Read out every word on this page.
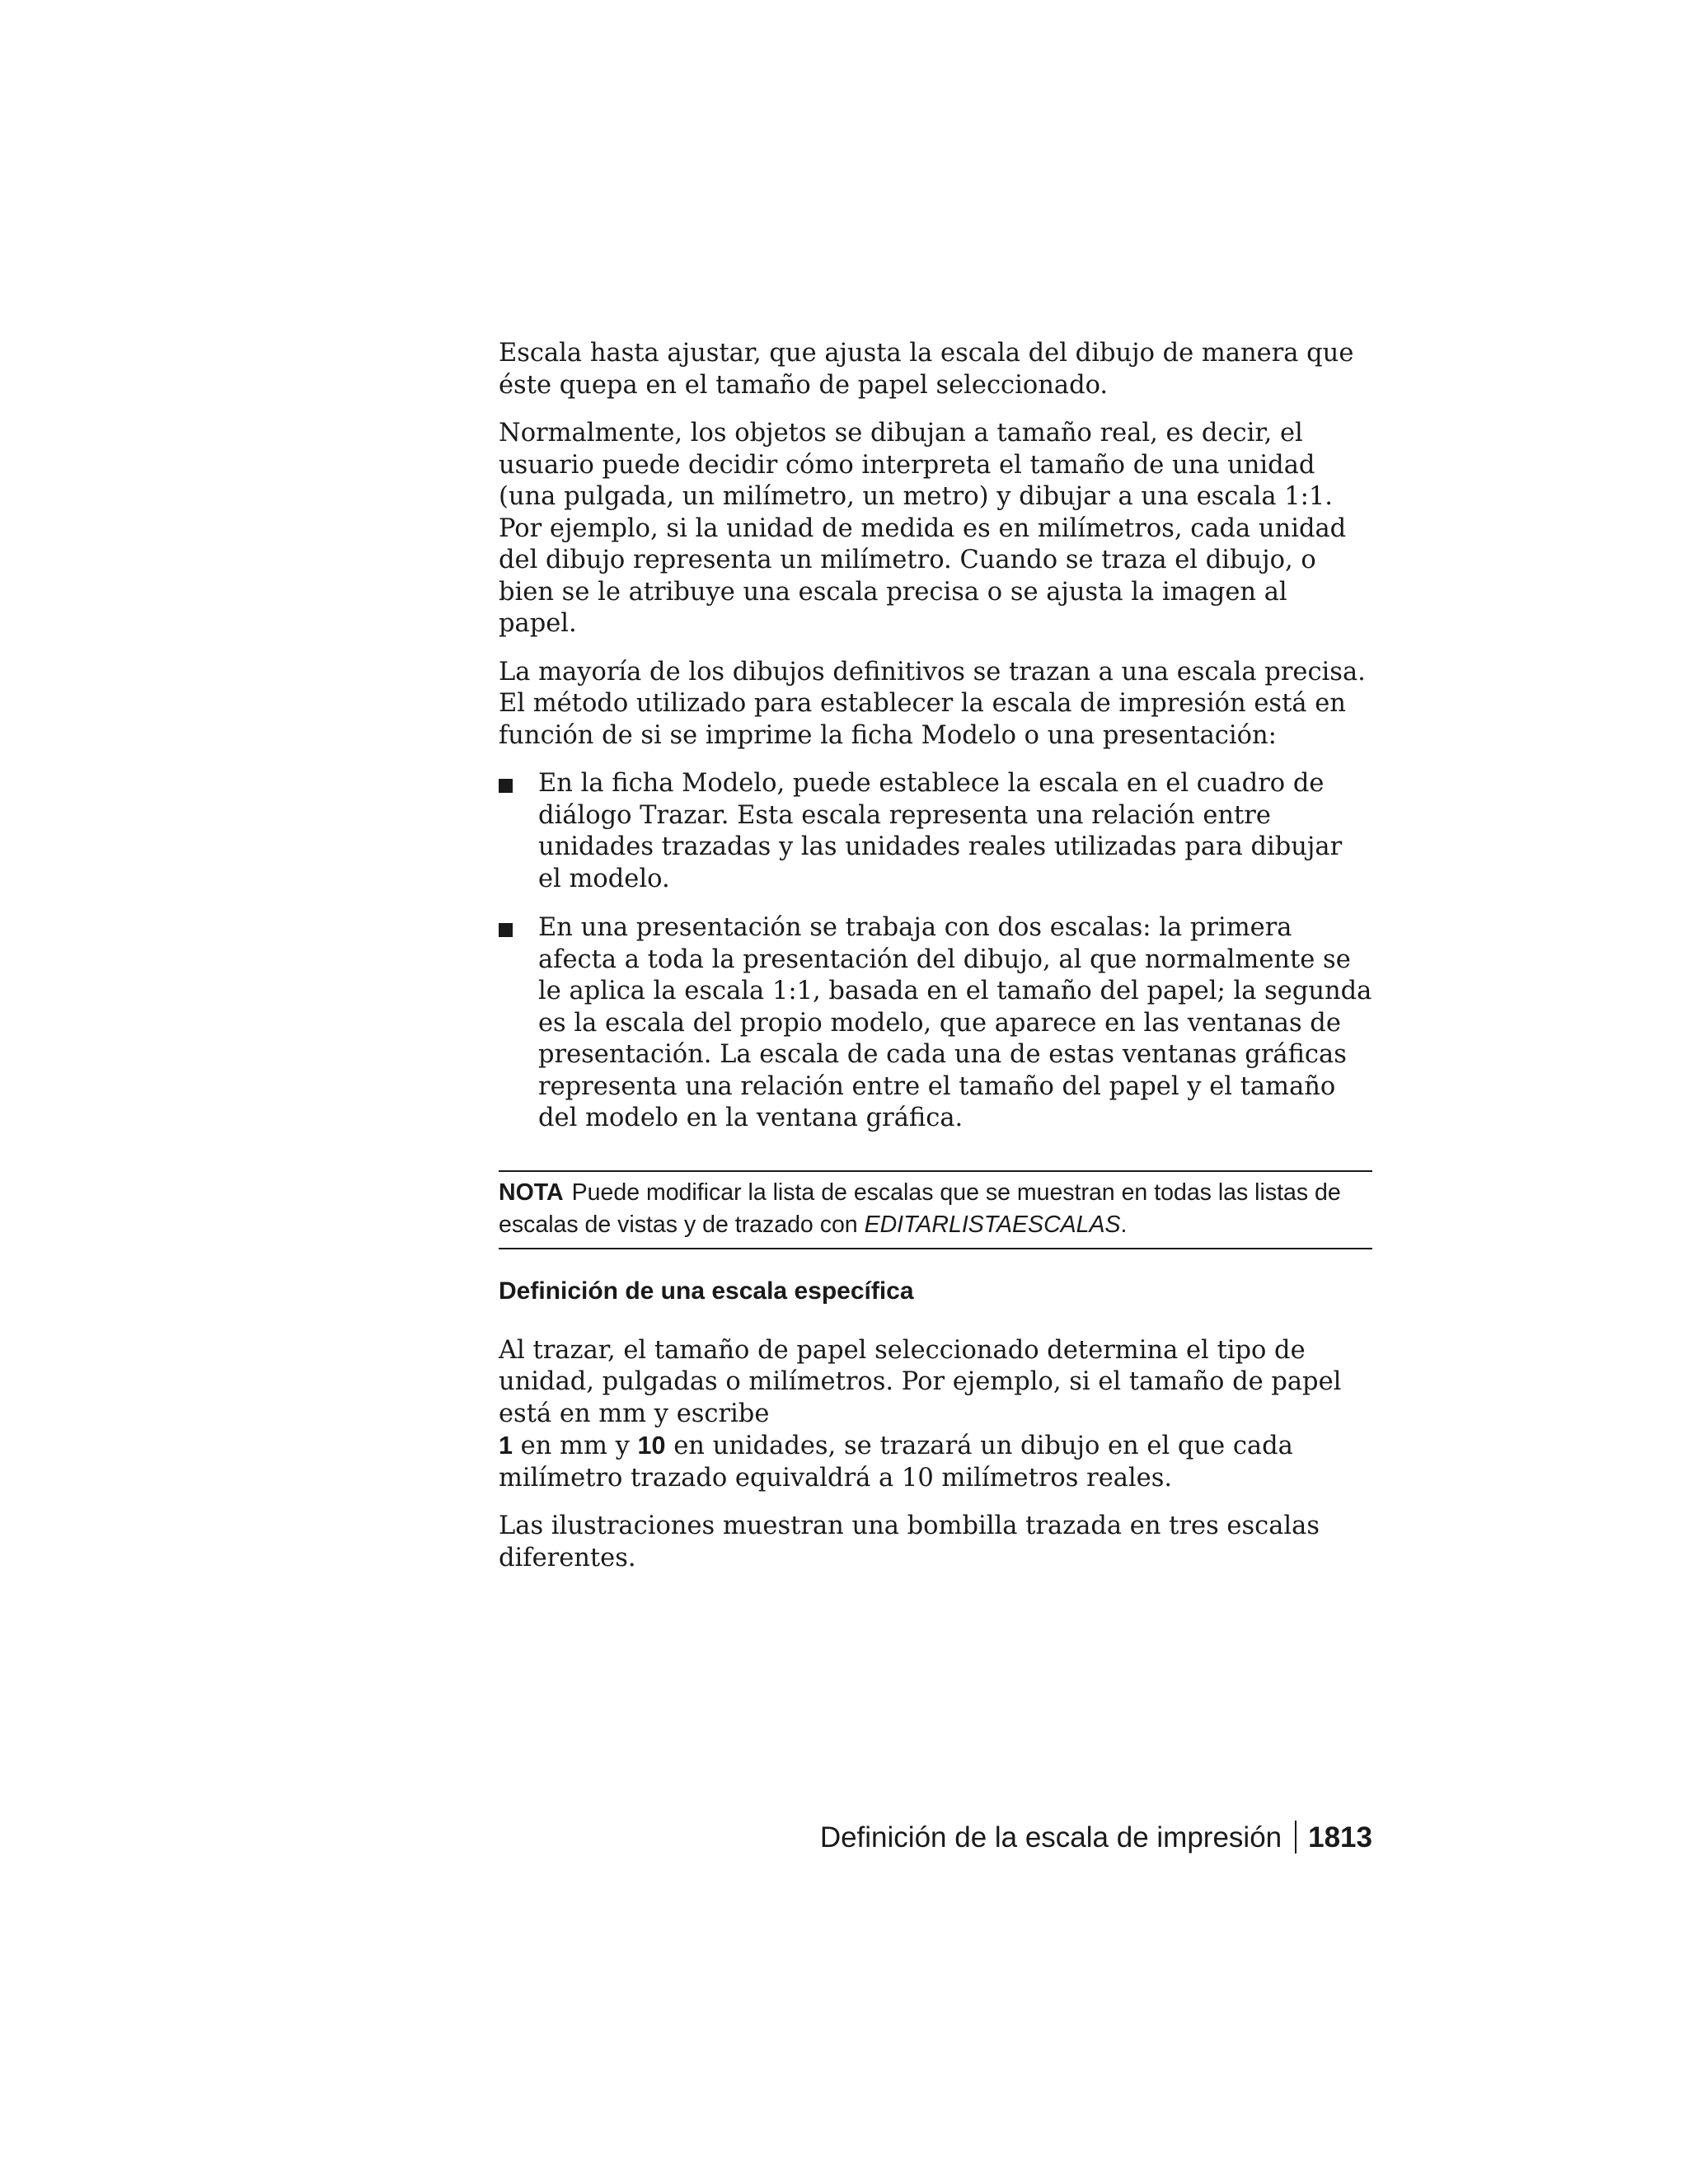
Escala hasta ajustar, que ajusta la escala del dibujo de manera que éste quepa en el tamaño de papel seleccionado.

Normalmente, los objetos se dibujan a tamaño real, es decir, el usuario puede decidir cómo interpreta el tamaño de una unidad (una pulgada, un milímetro, un metro) y dibujar a una escala 1:1. Por ejemplo, si la unidad de medida es en milímetros, cada unidad del dibujo representa un milímetro. Cuando se traza el dibujo, o bien se le atribuye una escala precisa o se ajusta la imagen al papel.

La mayoría de los dibujos definitivos se trazan a una escala precisa. El método utilizado para establecer la escala de impresión está en función de si se imprime la ficha Modelo o una presentación:

En la ficha Modelo, puede establece la escala en el cuadro de diálogo Trazar. Esta escala representa una relación entre unidades trazadas y las unidades reales utilizadas para dibujar el modelo.
En una presentación se trabaja con dos escalas: la primera afecta a toda la presentación del dibujo, al que normalmente se le aplica la escala 1:1, basada en el tamaño del papel; la segunda es la escala del propio modelo, que aparece en las ventanas de presentación. La escala de cada una de estas ventanas gráficas representa una relación entre el tamaño del papel y el tamaño del modelo en la ventana gráfica.
NOTA Puede modificar la lista de escalas que se muestran en todas las listas de escalas de vistas y de trazado con EDITARLISTAESCALAS.
Definición de una escala específica

Al trazar, el tamaño de papel seleccionado determina el tipo de unidad, pulgadas o milímetros. Por ejemplo, si el tamaño de papel está en mm y escribe
1 en mm y 10 en unidades, se trazará un dibujo en el que cada milímetro trazado equivaldrá a 10 milímetros reales.

Las ilustraciones muestran una bombilla trazada en tres escalas diferentes.

Definición de la escala de impresión 1813
